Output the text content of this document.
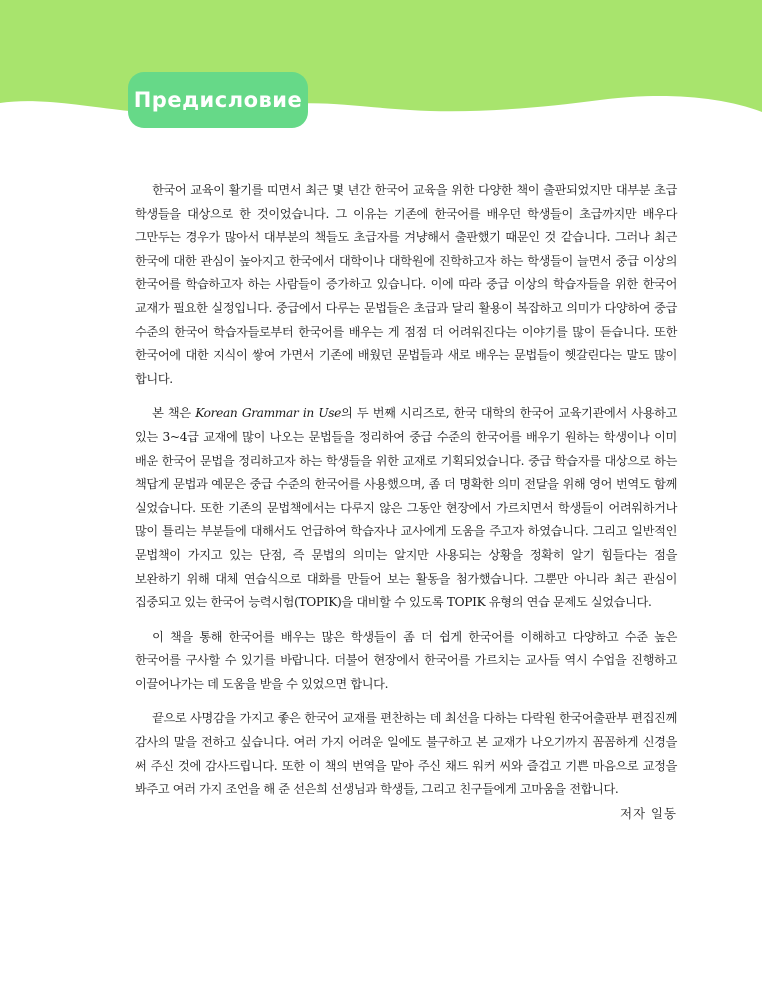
Предисловие

한국어 교육이 활기를 띠면서 최근 몇 년간 한국어 교육을 위한 다양한 책이 출판되었지만 대부분 초급 학생들을 대상으로 한 것이었습니다. 그 이유는 기존에 한국어를 배우던 학생들이 초급까지만 배우다 그만두는 경우가 많아서 대부분의 책들도 초급자를 겨냥해서 출판했기 때문인 것 같습니다. 그러나 최근 한국에 대한 관심이 높아지고 한국에서 대학이나 대학원에 진학하고자 하는 학생들이 늘면서 중급 이상의 한국어를 학습하고자 하는 사람들이 증가하고 있습니다. 이에 따라 중급 이상의 학습자들을 위한 한국어 교재가 필요한 실정입니다. 중급에서 다루는 문법들은 초급과 달리 활용이 복잡하고 의미가 다양하여 중급 수준의 한국어 학습자들로부터 한국어를 배우는 게 점점 더 어려워진다는 이야기를 많이 듣습니다. 또한 한국어에 대한 지식이 쌓여 가면서 기존에 배웠던 문법들과 새로 배우는 문법들이 헷갈린다는 말도 많이 합니다.

본 책은 Korean Grammar in Use의 두 번째 시리즈로, 한국 대학의 한국어 교육기관에서 사용하고 있는 3~4급 교재에 많이 나오는 문법들을 정리하여 중급 수준의 한국어를 배우기 원하는 학생이나 이미 배운 한국어 문법을 정리하고자 하는 학생들을 위한 교재로 기획되었습니다. 중급 학습자를 대상으로 하는 책답게 문법과 예문은 중급 수준의 한국어를 사용했으며, 좀 더 명확한 의미 전달을 위해 영어 번역도 함께 실었습니다. 또한 기존의 문법책에서는 다루지 않은 그동안 현장에서 가르치면서 학생들이 어려워하거나 많이 틀리는 부분들에 대해서도 언급하여 학습자나 교사에게 도움을 주고자 하였습니다. 그리고 일반적인 문법책이 가지고 있는 단점, 즉 문법의 의미는 알지만 사용되는 상황을 정확히 알기 힘들다는 점을 보완하기 위해 대체 연습식으로 대화를 만들어 보는 활동을 첨가했습니다. 그뿐만 아니라 최근 관심이 집중되고 있는 한국어 능력시험(TOPIK)을 대비할 수 있도록 TOPIK 유형의 연습 문제도 실었습니다.

이 책을 통해 한국어를 배우는 많은 학생들이 좀 더 쉽게 한국어를 이해하고 다양하고 수준 높은 한국어를 구사할 수 있기를 바랍니다. 더불어 현장에서 한국어를 가르치는 교사들 역시 수업을 진행하고 이끌어나가는 데 도움을 받을 수 있었으면 합니다.

끝으로 사명감을 가지고 좋은 한국어 교재를 편찬하는 데 최선을 다하는 다락원 한국어출판부 편집진께 감사의 말을 전하고 싶습니다. 여러 가지 어려운 일에도 불구하고 본 교재가 나오기까지 꼼꼼하게 신경을 써 주신 것에 감사드립니다. 또한 이 책의 번역을 맡아 주신 채드 워커 씨와 즐겁고 기쁜 마음으로 교정을 봐주고 여러 가지 조언을 해 준 선은희 선생님과 학생들, 그리고 친구들에게 고마움을 전합니다.

저자 일동
